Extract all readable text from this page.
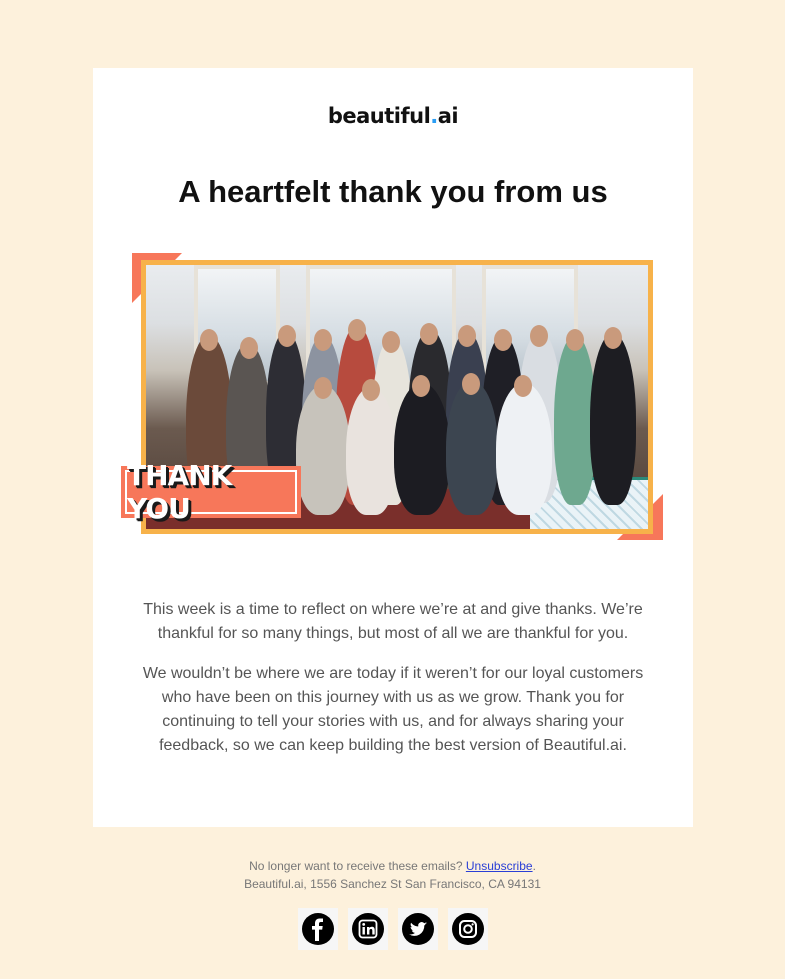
beautiful.ai
A heartfelt thank you from us
THANK YOU

This week is a time to reflect on where we’re at and give thanks. We’re thankful for so many things, but most of all we are thankful for you.

We wouldn’t be where we are today if it weren’t for our loyal customers who have been on this journey with us as we grow. Thank you for continuing to tell your stories with us, and for always sharing your feedback, so we can keep building the best version of Beautiful.ai.

No longer want to receive these emails? Unsubscribe.
Beautiful.ai, 1556 Sanchez St San Francisco, CA 94131
